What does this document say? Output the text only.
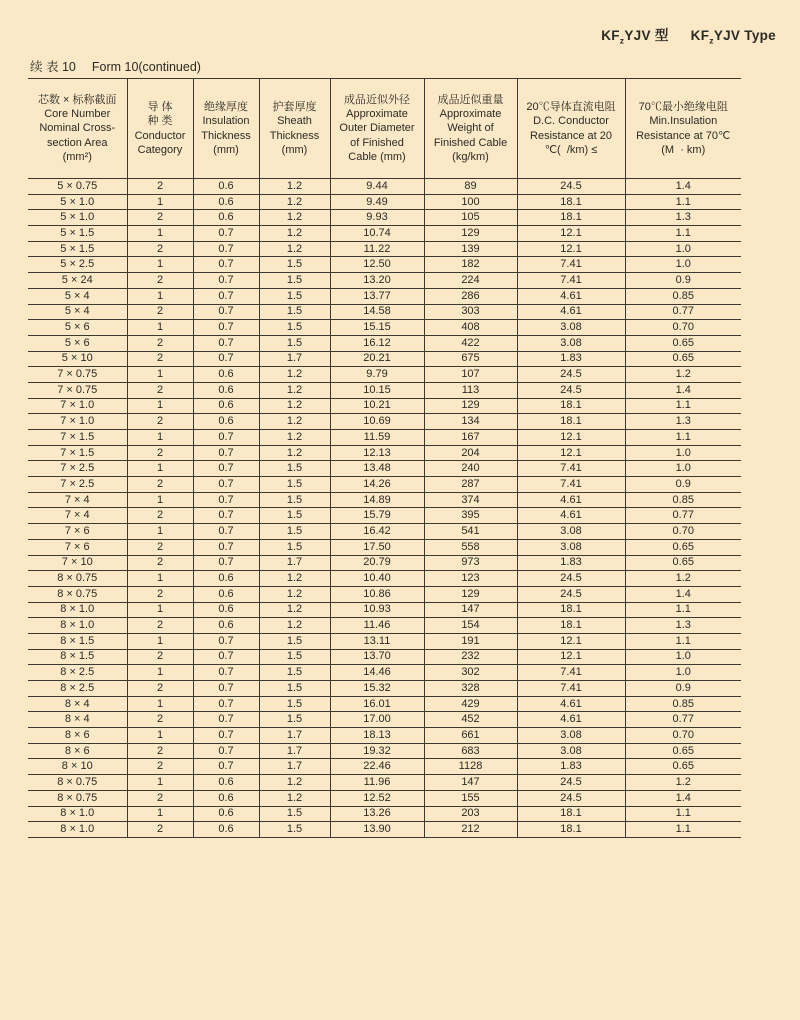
$KF_zYJV$ 型 $KF_zYJV$ Type
续 表 10 Form 10(continued)
芯数 × 标称截面
Core Number
Nominal Cross-
section Area
(mm²)

导 体
种 类
Conductor
Category

绝缘厚度
Insulation
Thickness
(mm)

护套厚度
Sheath
Thickness
(mm)

成品近似外径
Approximate
Outer Diameter
of Finished
Cable (mm)

成品近似重量
Approximate
Weight of
Finished Cable
(kg/km)

20℃导体直流电阻
D.C. Conductor
Resistance at 20
℃(  /km) ≤

70℃最小绝缘电阻
Min.Insulation
Resistance at 70℃
(M  · km)

5 × 0.75	2	0.6	1.2	9.44	89	24.5	1.4
5 × 1.0	1	0.6	1.2	9.49	100	18.1	1.1
5 × 1.0	2	0.6	1.2	9.93	105	18.1	1.3
5 × 1.5	1	0.7	1.2	10.74	129	12.1	1.1
5 × 1.5	2	0.7	1.2	11.22	139	12.1	1.0
5 × 2.5	1	0.7	1.5	12.50	182	7.41	1.0
5 × 24	2	0.7	1.5	13.20	224	7.41	0.9
5 × 4	1	0.7	1.5	13.77	286	4.61	0.85
5 × 4	2	0.7	1.5	14.58	303	4.61	0.77
5 × 6	1	0.7	1.5	15.15	408	3.08	0.70
5 × 6	2	0.7	1.5	16.12	422	3.08	0.65
5 × 10	2	0.7	1.7	20.21	675	1.83	0.65
7 × 0.75	1	0.6	1.2	9.79	107	24.5	1.2
7 × 0.75	2	0.6	1.2	10.15	113	24.5	1.4
7 × 1.0	1	0.6	1.2	10.21	129	18.1	1.1
7 × 1.0	2	0.6	1.2	10.69	134	18.1	1.3
7 × 1.5	1	0.7	1.2	11.59	167	12.1	1.1
7 × 1.5	2	0.7	1.2	12.13	204	12.1	1.0
7 × 2.5	1	0.7	1.5	13.48	240	7.41	1.0
7 × 2.5	2	0.7	1.5	14.26	287	7.41	0.9
7 × 4	1	0.7	1.5	14.89	374	4.61	0.85
7 × 4	2	0.7	1.5	15.79	395	4.61	0.77
7 × 6	1	0.7	1.5	16.42	541	3.08	0.70
7 × 6	2	0.7	1.5	17.50	558	3.08	0.65
7 × 10	2	0.7	1.7	20.79	973	1.83	0.65
8 × 0.75	1	0.6	1.2	10.40	123	24.5	1.2
8 × 0.75	2	0.6	1.2	10.86	129	24.5	1.4
8 × 1.0	1	0.6	1.2	10.93	147	18.1	1.1
8 × 1.0	2	0.6	1.2	11.46	154	18.1	1.3
8 × 1.5	1	0.7	1.5	13.11	191	12.1	1.1
8 × 1.5	2	0.7	1.5	13.70	232	12.1	1.0
8 × 2.5	1	0.7	1.5	14.46	302	7.41	1.0
8 × 2.5	2	0.7	1.5	15.32	328	7.41	0.9
8 × 4	1	0.7	1.5	16.01	429	4.61	0.85
8 × 4	2	0.7	1.5	17.00	452	4.61	0.77
8 × 6	1	0.7	1.7	18.13	661	3.08	0.70
8 × 6	2	0.7	1.7	19.32	683	3.08	0.65
8 × 10	2	0.7	1.7	22.46	1128	1.83	0.65
8 × 0.75	1	0.6	1.2	11.96	147	24.5	1.2
8 × 0.75	2	0.6	1.2	12.52	155	24.5	1.4
8 × 1.0	1	0.6	1.5	13.26	203	18.1	1.1
8 × 1.0	2	0.6	1.5	13.90	212	18.1	1.1
